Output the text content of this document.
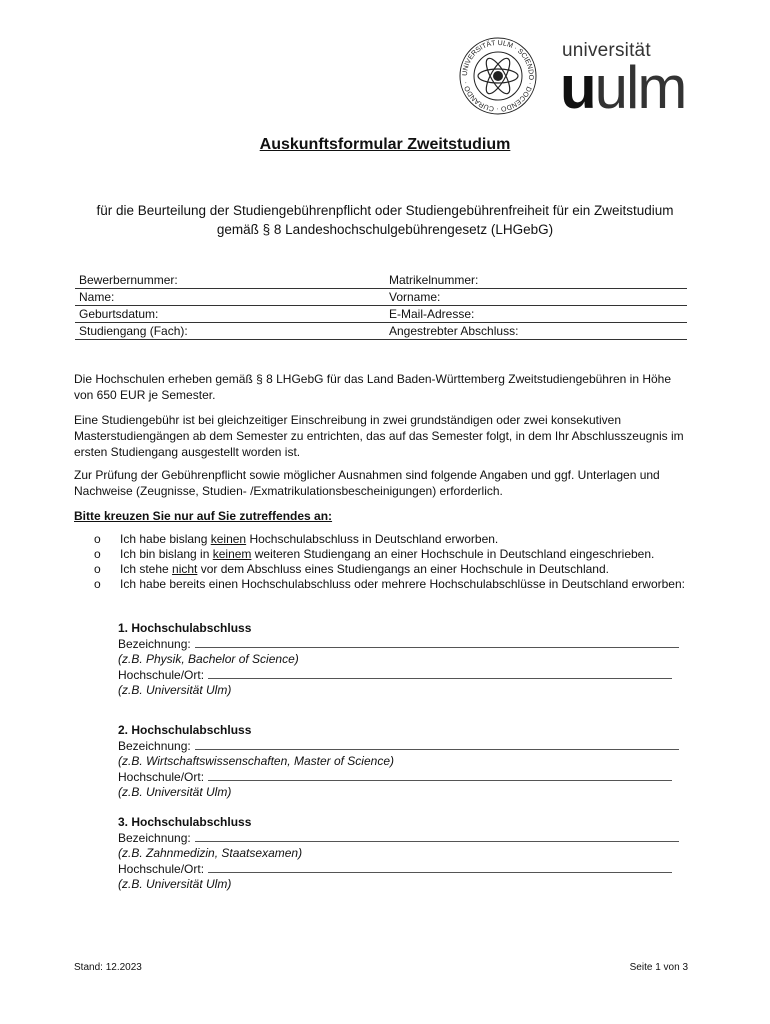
UNIVERSITÄT ULM · SCIENDO · DOCENDO · CURANDO ·
universität
uulm
Auskunftsformular Zweitstudium
für die Beurteilung der Studiengebührenpflicht oder Studiengebührenfreiheit für ein Zweitstudium
gemäß § 8 Landeshochschulgebührengesetz (LHGebG)
Bewerbernummer:	Matrikelnummer:
Name:	Vorname:
Geburtsdatum:	E-Mail-Adresse:
Studiengang (Fach):	Angestrebter Abschluss:
Die Hochschulen erheben gemäß § 8 LHGebG für das Land Baden-Württemberg Zweitstudiengebühren in Höhe von 650 EUR je Semester.
Eine Studiengebühr ist bei gleichzeitiger Einschreibung in zwei grundständigen oder zwei konsekutiven Masterstudiengängen ab dem Semester zu entrichten, das auf das Semester folgt, in dem Ihr Abschlusszeugnis im ersten Studiengang ausgestellt worden ist.
Zur Prüfung der Gebührenpflicht sowie möglicher Ausnahmen sind folgende Angaben und ggf. Unterlagen und Nachweise (Zeugnisse, Studien- /Exmatrikulationsbescheinigungen) erforderlich.
Bitte kreuzen Sie nur auf Sie zutreffendes an:
o	Ich habe bislang keinen Hochschulabschluss in Deutschland erworben.
o	Ich bin bislang in keinem weiteren Studiengang an einer Hochschule in Deutschland eingeschrieben.
o	Ich stehe nicht vor dem Abschluss eines Studiengangs an einer Hochschule in Deutschland.
o	Ich habe bereits einen Hochschulabschluss oder mehrere Hochschulabschlüsse in Deutschland erworben:
1. Hochschulabschluss
Bezeichnung:
(z.B. Physik, Bachelor of Science)
Hochschule/Ort:
(z.B. Universität Ulm)
2. Hochschulabschluss
Bezeichnung:
(z.B. Wirtschaftswissenschaften, Master of Science)
Hochschule/Ort:
(z.B. Universität Ulm)
3. Hochschulabschluss
Bezeichnung:
(z.B. Zahnmedizin, Staatsexamen)
Hochschule/Ort:
(z.B. Universität Ulm)
Stand: 12.2023	Seite 1 von 3
